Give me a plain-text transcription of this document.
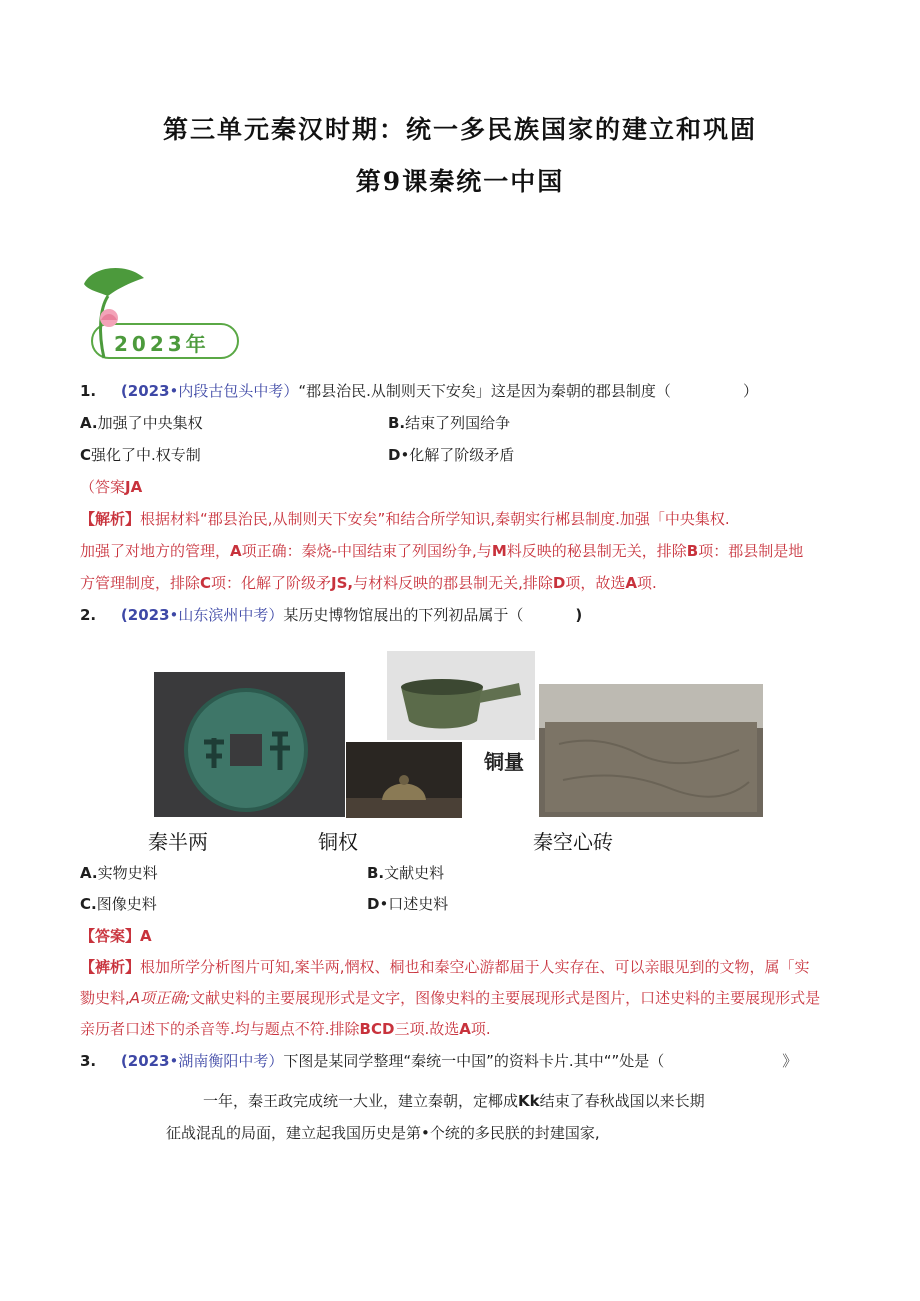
第三单元秦汉时期：统一多民族国家的建立和巩固
第9课秦统一中国
2023年
1. (2023•内段古包头中考）“郡县治民.从制则天下安矣」这是因为秦朝的郡县制度（	）
A.加强了中央集权	B.结束了列国给争
C强化了中.权专制	D•化解了阶级矛盾
（答案JA
【解析】根据材料“郡县治民,从制则天下安矣”和结合所学知识,秦朝实行郴县制度.加强「中央集权.
加强了对地方的管理，A项正确：秦烧-中国结束了列国纷争,与M料反映的秘县制无关，排除B项：郡县制是地
方管理制度，排除C项：化解了阶级矛JS,与材料反映的郡县制无关,排除D项，故选A项.
2. (2023•山东滨州中考）某历史博物馆展出的下列初品属于（	)
铜量
秦半两	铜权	秦空心砖
A.实物史料	B.文献史料
C.图像史料	D•口述史料
【答案】A
【裤析】根加所学分析图片可知,案半两,惘权、桐也和秦空心游都届于人实存在、可以亲眼见到的文物，属「实
勠史料,A项正确;文献史料的主要展现形式是文字，图像史料的主要展现形式是图片，口述史料的主要展现形式是
亲历者口述下的杀音等.均与题点不符.排除BCD三项.故选A项.
3. (2023•湖南衡阳中考）下图是某同学整理“秦统一中国”的资料卡片.其中“”处是（	》
一年，秦王政完成统一大业，建立秦朝，定椰成Kk结束了春秋战国以来长期
征战混乱的局面，建立起我国历史是第•个统的多民朕的封建国家,
